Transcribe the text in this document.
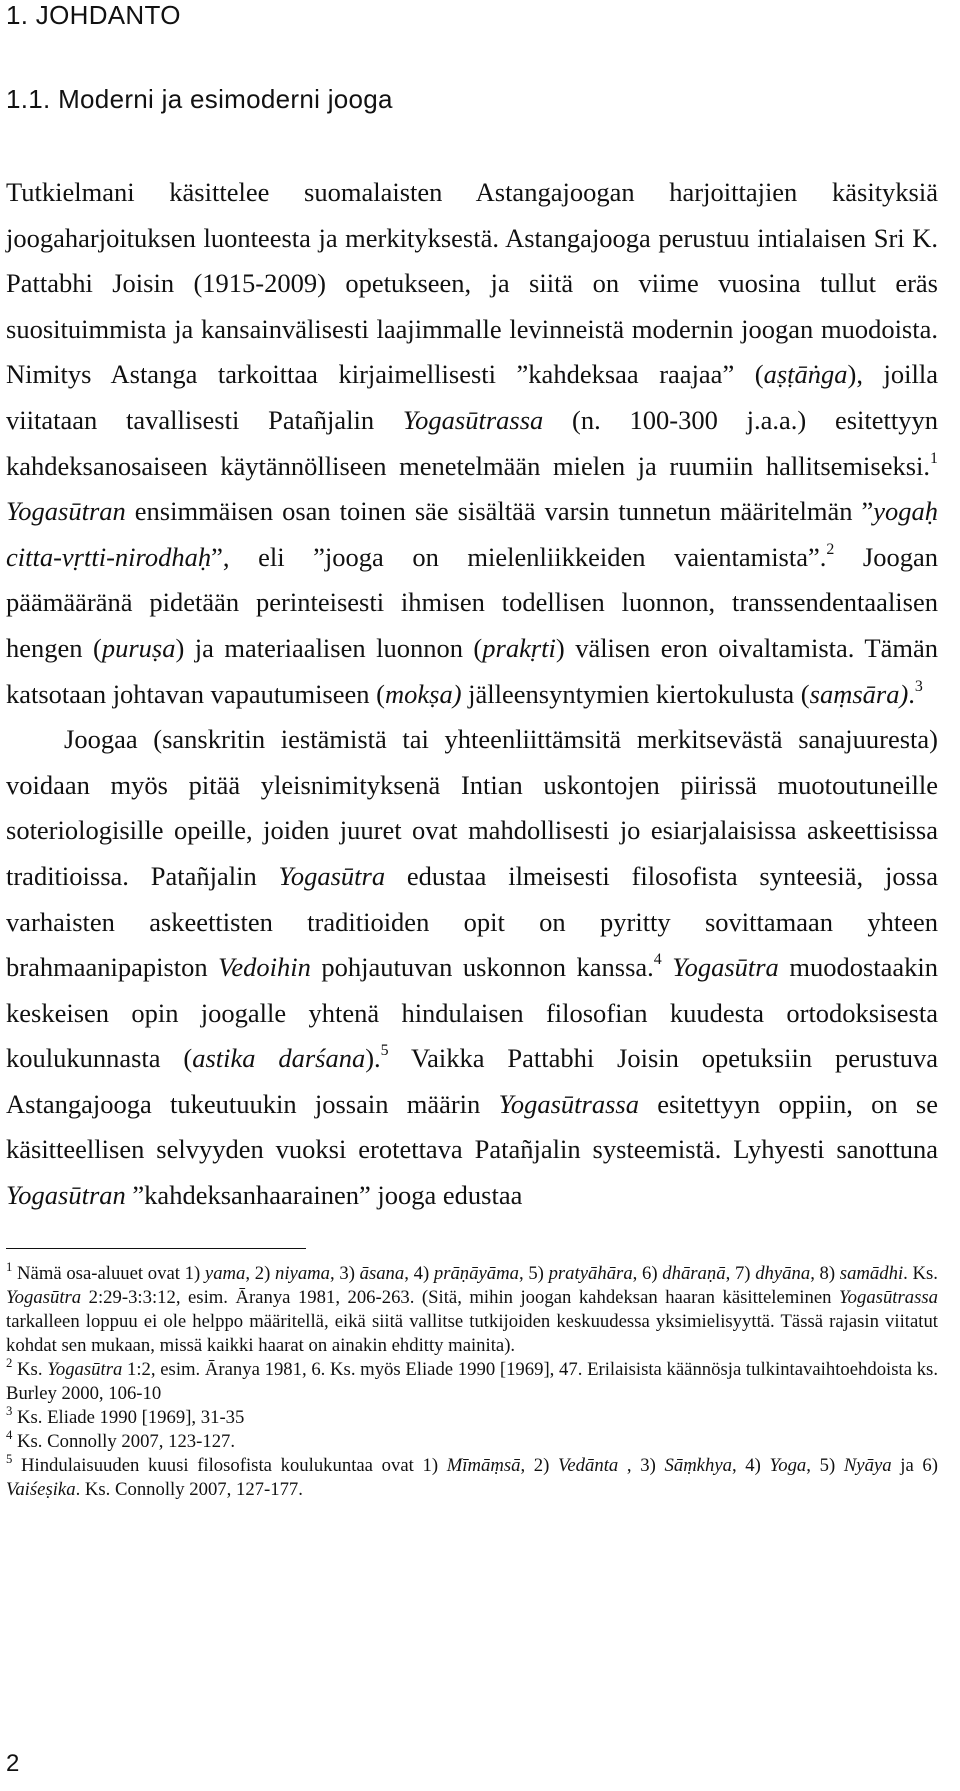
1. JOHDANTO
1.1. Moderni ja esimoderni jooga

Tutkielmani käsittelee suomalaisten Astangajoogan harjoittajien käsityksiä joogaharjoituksen luonteesta ja merkityksestä. Astangajooga perustuu intialaisen Sri K. Pattabhi Joisin (1915-2009) opetukseen, ja siitä on viime vuosina tullut eräs suosituimmista ja kansainvälisesti laajimmalle levinneistä modernin joogan muodoista. Nimitys Astanga tarkoittaa kirjaimellisesti ”kahdeksaa raajaa” (aṣṭāṅga), joilla viitataan tavallisesti Patañjalin Yogasūtrassa (n. 100-300 j.a.a.) esitettyyn kahdeksanosaiseen käytännölliseen menetelmään mielen ja ruumiin hallitsemiseksi.$^1$ Yogasūtran ensimmäisen osan toinen säe sisältää varsin tunnetun määritelmän ”yogaḥ citta-vṛtti-nirodhaḥ”, eli ”jooga on mielenliikkeiden vaientamista”.$^2$ Joogan päämääränä pidetään perinteisesti ihmisen todellisen luonnon, transsendentaalisen hengen (puruṣa) ja materiaalisen luonnon (prakṛti) välisen eron oivaltamista. Tämän katsotaan johtavan vapautumiseen (mokṣa) jälleensyntymien kiertokulusta (saṃsāra).$^3$

Joogaa (sanskritin iestämistä tai yhteenliittämsitä merkitsevästä sanajuuresta) voidaan myös pitää yleisnimityksenä Intian uskontojen piirissä muotoutuneille soteriologisille opeille, joiden juuret ovat mahdollisesti jo esiarjalaisissa askeettisissa traditioissa. Patañjalin Yogasūtra edustaa ilmeisesti filosofista synteesiä, jossa varhaisten askeettisten traditioiden opit on pyritty sovittamaan yhteen brahmaanipapiston Vedoihin pohjautuvan uskonnon kanssa.$^4$ Yogasūtra muodostaakin keskeisen opin joogalle yhtenä hindulaisen filosofian kuudesta ortodoksisesta koulukunnasta (astika darśana).$^5$ Vaikka Pattabhi Joisin opetuksiin perustuva Astangajooga tukeutuukin jossain määrin Yogasūtrassa esitettyyn oppiin, on se käsitteellisen selvyyden vuoksi erotettava Patañjalin systeemistä. Lyhyesti sanottuna Yogasūtran ”kahdeksanhaarainen” jooga edustaa

$^1$ Nämä osa-aluuet ovat 1) yama, 2) niyama, 3) āsana, 4) prāṇāyāma, 5) pratyāhāra, 6) dhāraṇā, 7) dhyāna, 8) samādhi. Ks. Yogasūtra 2:29-3:3:12, esim. Āranya 1981, 206-263. (Sitä, mihin joogan kahdeksan haaran käsitteleminen Yogasūtrassa tarkalleen loppuu ei ole helppo määritellä, eikä siitä vallitse tutkijoiden keskuudessa yksimielisyyttä. Tässä rajasin viitatut kohdat sen mukaan, missä kaikki haarat on ainakin ehditty mainita).

$^2$ Ks. Yogasūtra 1:2, esim. Āranya 1981, 6. Ks. myös Eliade 1990 [1969], 47. Erilaisista käännösja tulkintavaihtoehdoista ks. Burley 2000, 106-10

$^3$ Ks. Eliade 1990 [1969], 31-35

$^4$ Ks. Connolly 2007, 123-127.

$^5$ Hindulaisuuden kuusi filosofista koulukuntaa ovat 1) Mīmāṃsā, 2) Vedānta , 3) Sāṃkhya, 4) Yoga, 5) Nyāya ja 6) Vaiśeṣika. Ks. Connolly 2007, 127-177.

2
